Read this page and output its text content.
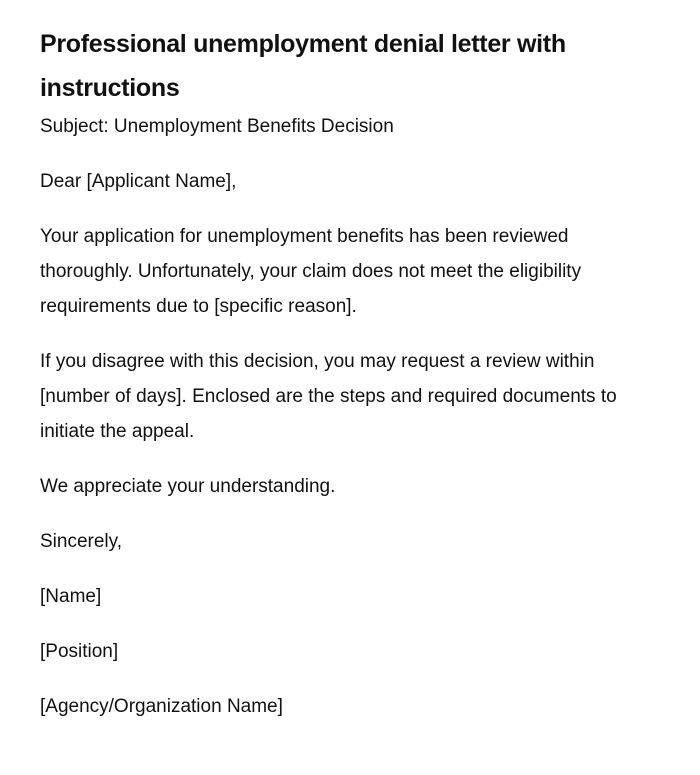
Professional unemployment denial letter with instructions

Subject: Unemployment Benefits Decision

Dear [Applicant Name],

Your application for unemployment benefits has been reviewed thoroughly. Unfortunately, your claim does not meet the eligibility requirements due to [specific reason].

If you disagree with this decision, you may request a review within [number of days]. Enclosed are the steps and required documents to initiate the appeal.

We appreciate your understanding.

Sincerely,

[Name]

[Position]

[Agency/Organization Name]
